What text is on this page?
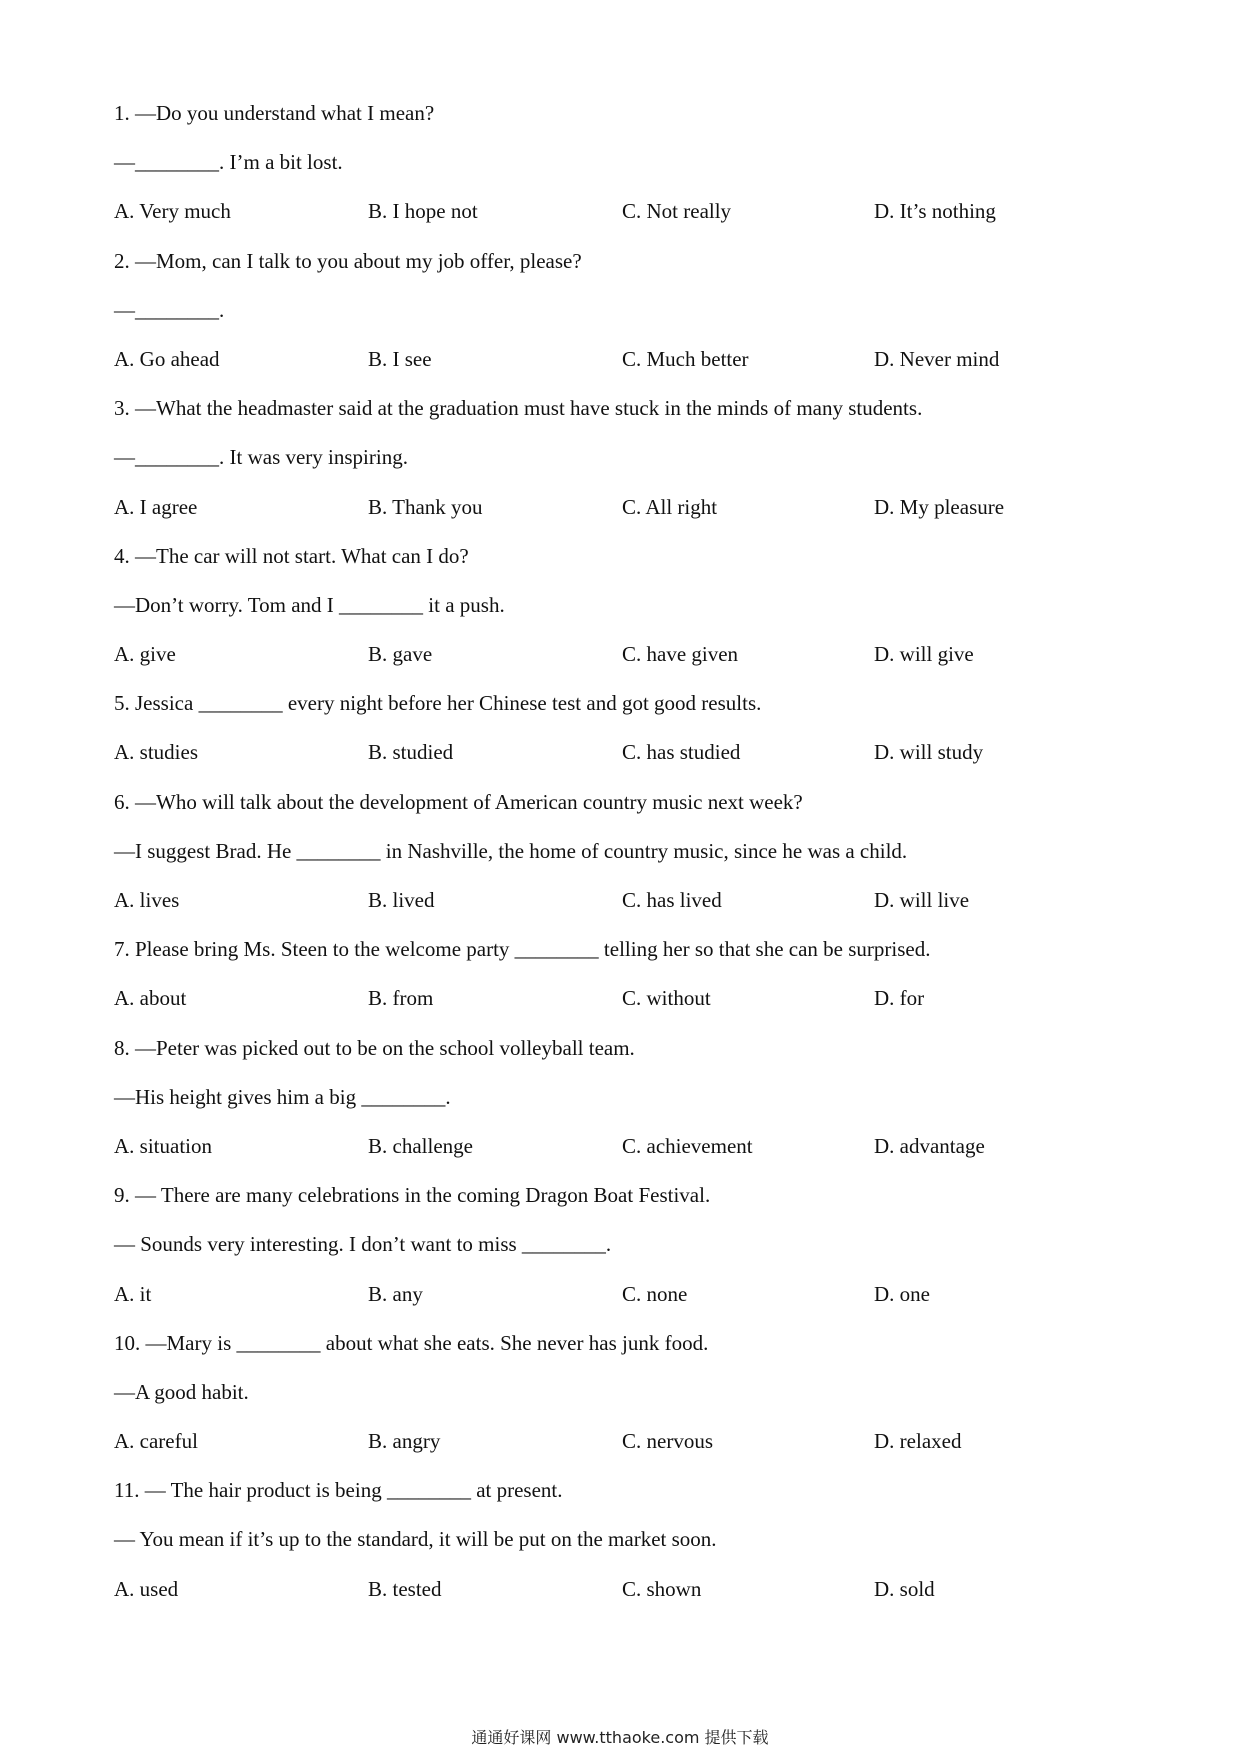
1. —Do you understand what I mean?
—________. I’m a bit lost.
A. Very much	B. I hope not	C. Not really	D. It’s nothing
2. —Mom, can I talk to you about my job offer, please?
—________.
A. Go ahead	B. I see	C. Much better	D. Never mind
3. —What the headmaster said at the graduation must have stuck in the minds of many students.
—________. It was very inspiring.
A. I agree	B. Thank you	C. All right	D. My pleasure
4. —The car will not start. What can I do?
—Don’t worry. Tom and I ________ it a push.
A. give	B. gave	C. have given	D. will give
5. Jessica ________ every night before her Chinese test and got good results.
A. studies	B. studied	C. has studied	D. will study
6. —Who will talk about the development of American country music next week?
—I suggest Brad. He ________ in Nashville, the home of country music, since he was a child.
A. lives	B. lived	C. has lived	D. will live
7. Please bring Ms. Steen to the welcome party ________ telling her so that she can be surprised.
A. about	B. from	C. without	D. for
8. —Peter was picked out to be on the school volleyball team.
—His height gives him a big ________.
A. situation	B. challenge	C. achievement	D. advantage
9. — There are many celebrations in the coming Dragon Boat Festival.
— Sounds very interesting. I don’t want to miss ________.
A. it	B. any	C. none	D. one
10. —Mary is ________ about what she eats. She never has junk food.
—A good habit.
A. careful	B. angry	C. nervous	D. relaxed
11. — The hair product is being ________ at present.
— You mean if it’s up to the standard, it will be put on the market soon.
A. used	B. tested	C. shown	D. sold
通通好课网 www.tthaoke.com 提供下载
